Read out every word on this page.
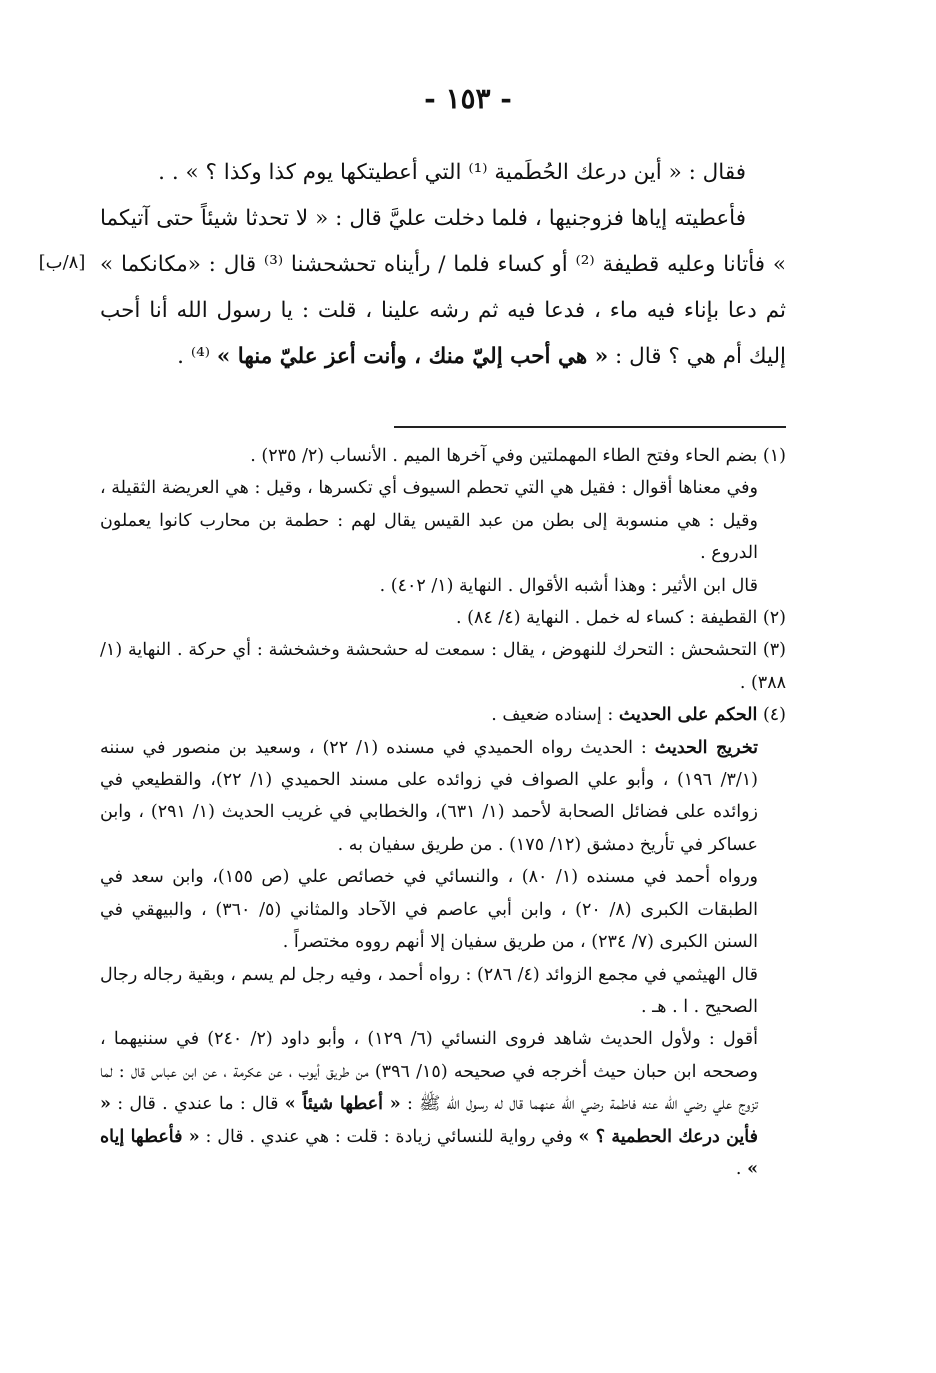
- ١٥٣ -
[٨/ب]

فقال : « أين درعك الحُطَمية ⁽¹⁾ التي أعطيتكها يوم كذا وكذا ؟ » . .

فأعطيته إياها فزوجنيها ، فلما دخلت عليَّ قال : « لا تحدثا شيئاً حتى آتيكما » فأتانا وعليه قطيفة ⁽²⁾ أو كساء فلما / رأيناه تحشحشنا ⁽³⁾ قال : «مكانكما » ثم دعا بإناء فيه ماء ، فدعا فيه ثم رشه علينا ، قلت : يا رسول الله أنا أحب إليك أم هي ؟ قال : « هي أحب إليّ منك ، وأنت أعز عليّ منها » ⁽⁴⁾ .

(١) بضم الحاء وفتح الطاء المهملتين وفي آخرها الميم . الأنساب (٢/ ٢٣٥) .

وفي معناها أقوال : فقيل هي التي تحطم السيوف أي تكسرها ، وقيل : هي العريضة الثقيلة ، وقيل : هي منسوبة إلى بطن من عبد القيس يقال لهم : حطمة بن محارب كانوا يعملون الدروع .

قال ابن الأثير : وهذا أشبه الأقوال . النهاية (١/ ٤٠٢) .

(٢) القطيفة : كساء له خمل . النهاية (٤/ ٨٤) .

(٣) التحشحش : التحرك للنهوض ، يقال : سمعت له حشحشة وخشخشة : أي حركة . النهاية (١/ ٣٨٨) .

(٤) الحكم على الحديث : إسناده ضعيف .

تخريج الحديث : الحديث رواه الحميدي في مسنده (١/ ٢٢) ، وسعيد بن منصور في سننه (٣/١/ ١٩٦) ، وأبو علي الصواف في زوائده على مسند الحميدي (١/ ٢٢)، والقطيعي في زوائده على فضائل الصحابة لأحمد (١/ ٦٣١)، والخطابي في غريب الحديث (١/ ٢٩١) ، وابن عساكر في تأريخ دمشق (١٢/ ١٧٥) . من طريق سفيان به .

ورواه أحمد في مسنده (١/ ٨٠) ، والنسائي في خصائص علي (ص ١٥٥)، وابن سعد في الطبقات الكبرى (٨/ ٢٠) ، وابن أبي عاصم في الآحاد والمثاني (٥/ ٣٦٠) ، والبيهقي في السنن الكبرى (٧/ ٢٣٤) ، من طريق سفيان إلا أنهم رووه مختصراً .

قال الهيثمي في مجمع الزوائد (٤/ ٢٨٦) : رواه أحمد ، وفيه رجل لم يسم ، وبقية رجاله رجال الصحيح . ا . هـ .

أقول : ولأول الحديث شاهد فروى النسائي (٦/ ١٢٩) ، وأبو داود (٢/ ٢٤٠) في سننيهما ، وصححه ابن حبان حيث أخرجه في صحيحه (١٥/ ٣٩٦) من طريق أيوب ، عن عكرمة ، عن ابن عباس قال : لما تزوج علي رضي الله عنه فاطمة رضي الله عنهما قال له رسول الله ﷺ : « أعطها شيئاً » قال : ما عندي . قال : « فأين درعك الحطمية ؟ » وفي رواية للنسائي زيادة : قلت : هي عندي . قال : « فأعطها إياه » .
